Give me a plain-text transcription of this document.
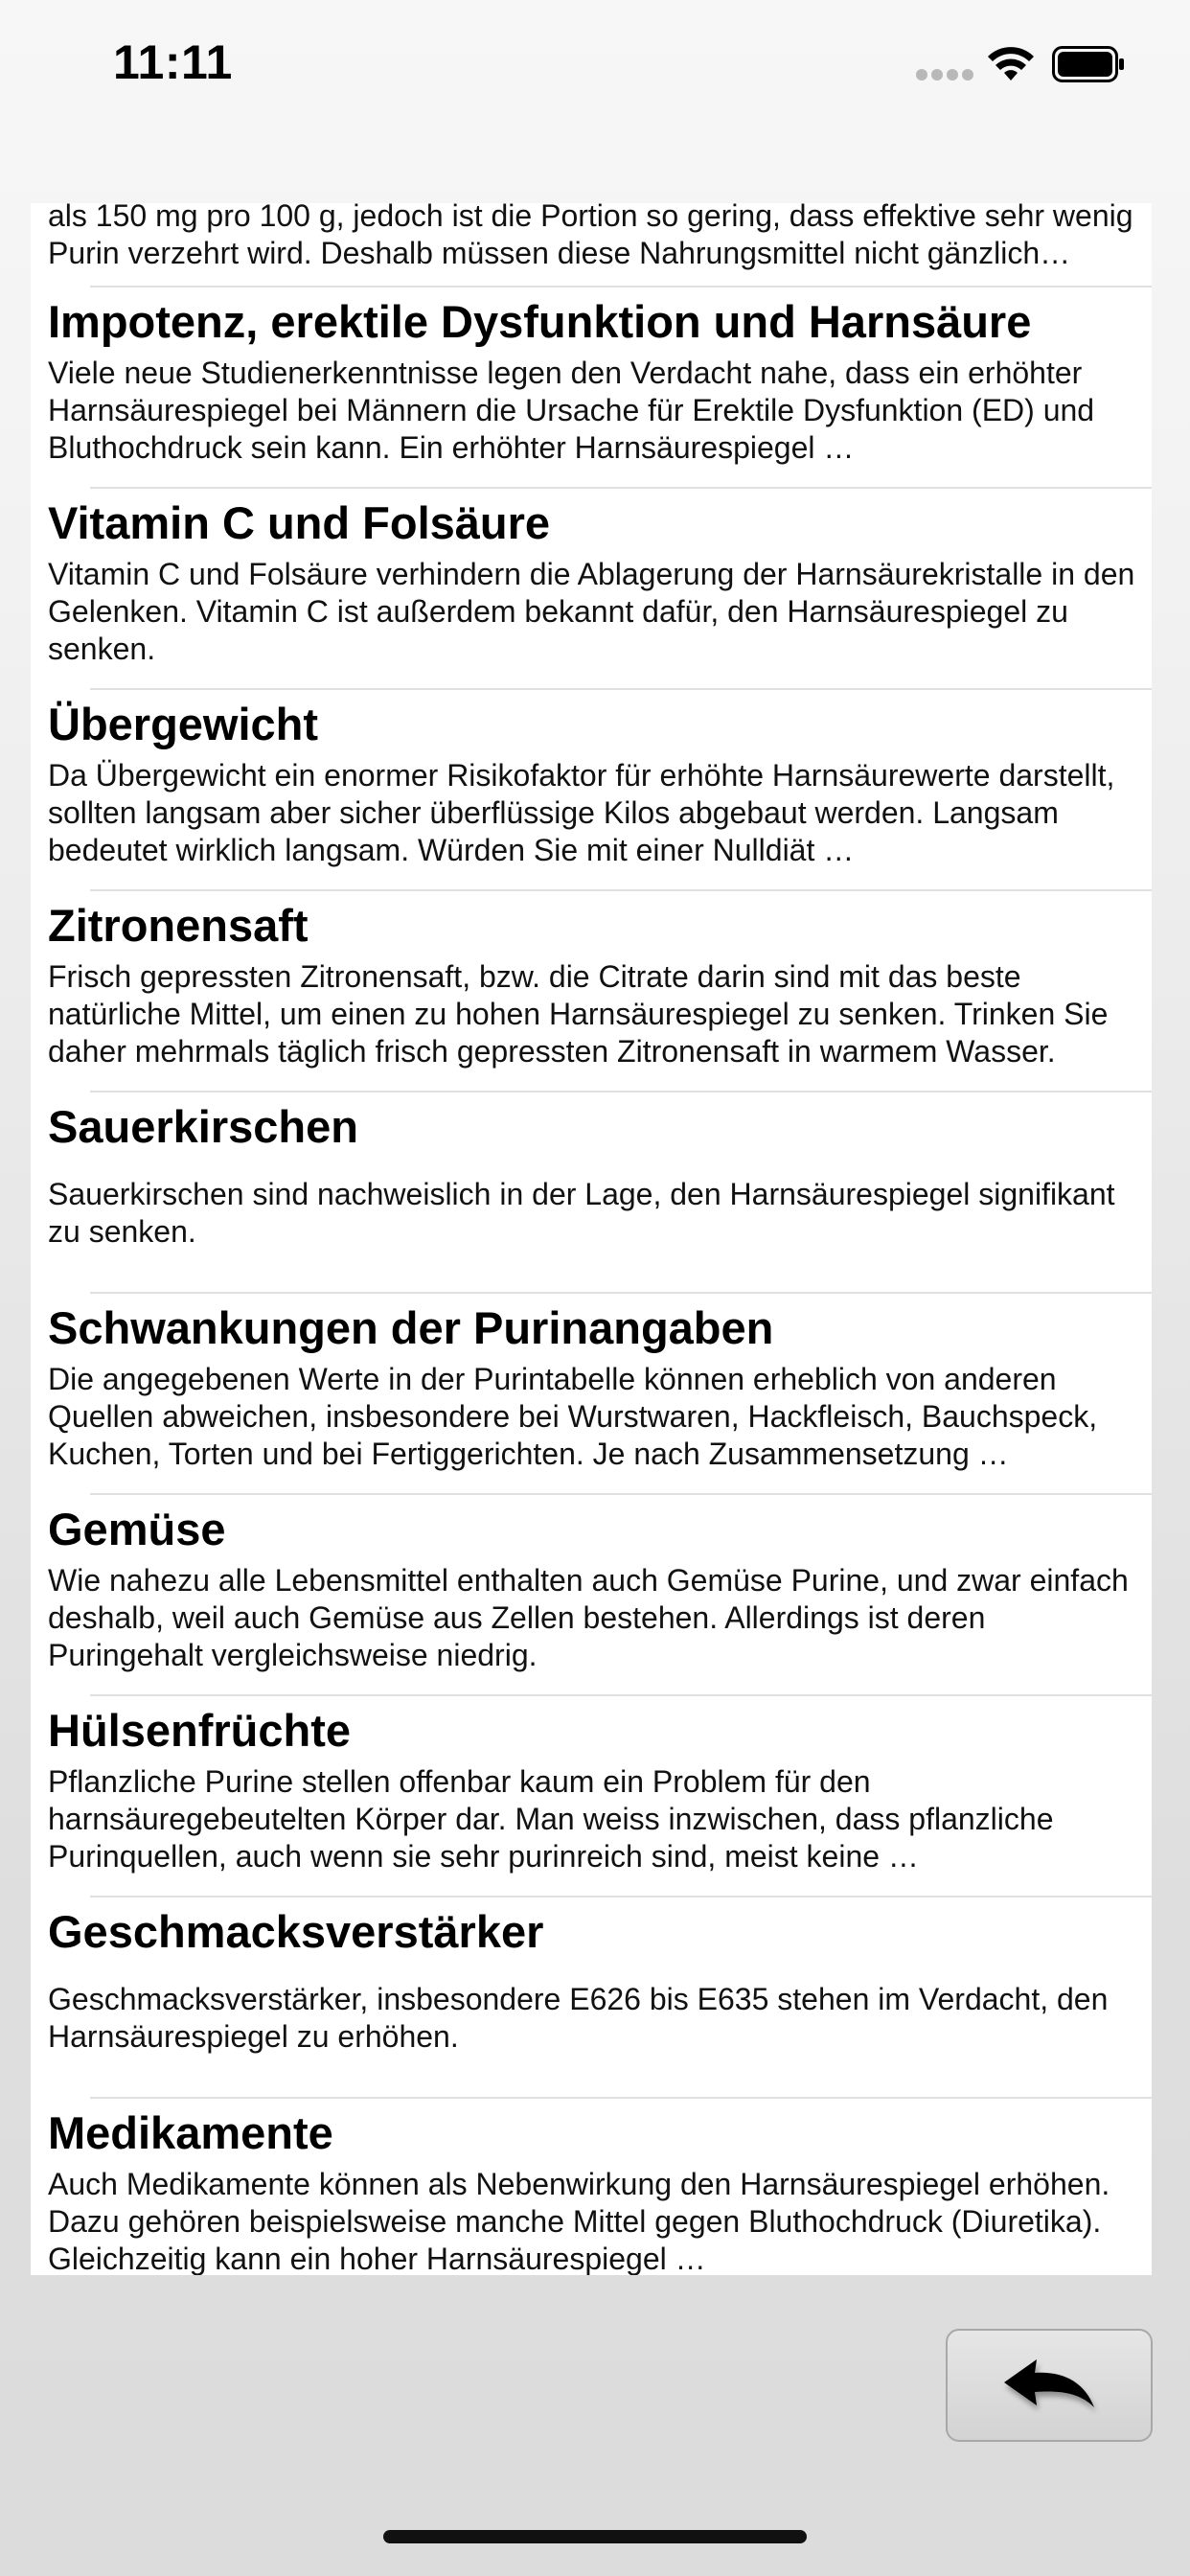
11:11
als 150 mg pro 100 g, jedoch ist die Portion so gering, dass effektive sehr wenig Purin verzehrt wird. Deshalb müssen diese Nahrungsmittel nicht gänzlich
Impotenz, erektile Dysfunktion und Harnsäure
Viele neue Studienerkenntnisse legen den Verdacht nahe, dass ein erhöhter Harnsäurespiegel bei Männern die Ursache für Erektile Dysfunktion (ED) und Bluthochdruck sein kann. Ein erhöhter Harnsäurespiegel …
Vitamin C und Folsäure
Vitamin C und Folsäure verhindern die Ablagerung der Harnsäurekristalle in den Gelenken. Vitamin C ist außerdem bekannt dafür, den Harnsäurespiegel zu senken.
Übergewicht
Da Übergewicht ein enormer Risikofaktor für erhöhte Harnsäurewerte darstellt, sollten langsam aber sicher überflüssige Kilos abgebaut werden. Langsam bedeutet wirklich langsam. Würden Sie mit einer Nulldiät …
Zitronensaft
Frisch gepressten Zitronensaft, bzw. die Citrate darin sind mit das beste natürliche Mittel, um einen zu hohen Harnsäurespiegel zu senken. Trinken Sie daher mehrmals täglich frisch gepressten Zitronensaft in warmem Wasser.
Sauerkirschen
Sauerkirschen sind nachweislich in der Lage, den Harnsäurespiegel signifikant zu senken.
Schwankungen der Purinangaben
Die angegebenen Werte in der Purintabelle können erheblich von anderen Quellen abweichen, insbesondere bei Wurstwaren, Hackfleisch, Bauchspeck, Kuchen, Torten und bei Fertiggerichten. Je nach Zusammensetzung …
Gemüse
Wie nahezu alle Lebensmittel enthalten auch Gemüse Purine, und zwar einfach deshalb, weil auch Gemüse aus Zellen bestehen. Allerdings ist deren Puringehalt vergleichsweise niedrig.
Hülsenfrüchte
Pflanzliche Purine stellen offenbar kaum ein Problem für den harnsäuregebeutelten Körper dar. Man weiss inzwischen, dass pflanzliche Purinquellen, auch wenn sie sehr purinreich sind, meist keine …
Geschmacksverstärker
Geschmacksverstärker, insbesondere E626 bis E635 stehen im Verdacht, den Harnsäurespiegel zu erhöhen.
Medikamente
Auch Medikamente können als Nebenwirkung den Harnsäurespiegel erhöhen. Dazu gehören beispielsweise manche Mittel gegen Bluthochdruck (Diuretika). Gleichzeitig kann ein hoher Harnsäurespiegel …
